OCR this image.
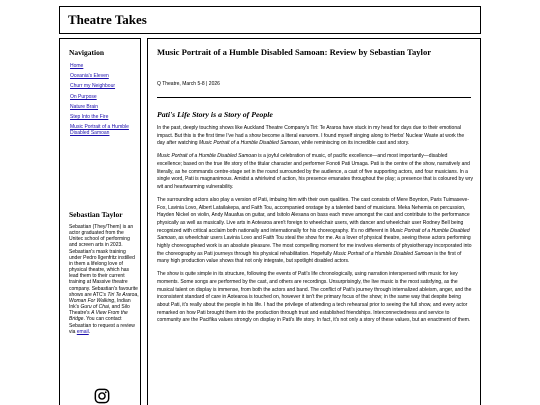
Theatre Takes
Navigation
Home
Oceania's Eleven
Churr my Neighbour
On Purpose
Nature Brain
Step Into the Fire
Music Portrait of a Humble Disabled Samoan
Sebastian Taylor
Sebastian (They/Them) is an actor graduated from the Unitec school of performing and screen arts in 2023. Sebastian's mask training under Pedro Ilgenfritz instilled in them a lifelong love of physical theatre, which has lead them to their current training at Massive theatre company. Sebastian's favourite shows are ATC's Tiri Te Araroa, Woman For Walking, Indian Ink's Guru of Chai, and Silo Theatre's A View From the Bridge. You can contact Sebastian to request a review via email.
Music Portrait of a Humble Disabled Samoan: Review by Sebastian Taylor
Q Theatre, March 5-8 | 2026
Pati's Life Story is a Story of People

In the past, deeply touching shows like Auckland Theatre Company's Tiri: Te Araroa have stuck in my head for days due to their emotional impact. But this is the first time I've had a show become a literal earworm. I found myself singing along to Herbs' Nuclear Waste at work the day after watching Music Portrait of a Humble Disabled Samoan, while reminiscing on its incredible cast and story.

Music Portrait of a Humble Disabled Samoan is a joyful celebration of music, of pacific excellence—and most importantly—disabled excellence; based on the true life story of the titular character and performer Fonoti Pati Umaga. Pati is the centre of the show, narratively and literally, as he commands centre-stage set in the round surrounded by the audience, a cast of five supporting actors, and four musicians. In a single word, Pati is magnanimous. Amidst a whirlwind of action, his presence emanates throughout the play; a presence that is coloured by wry wit and heartwarming vulnerability.

The surrounding actors also play a version of Pati, imbuing him with their own qualities. The cast consists of Mere Boynton, Paris Tuimaseve-Fox, Lavinia Lovo, Albert Latailakepa, and Faith Tou, accompanied onstage by a talented band of musicians. Meka Nehemia on percussion, Hayden Nickel on violin, Andy Mauafua on guitar, and Isitolo Alesana on bass each move amongst the cast and contribute to the performance physically as well as musically. Live arts in Aotearoa aren't foreign to wheelchair users, with dancer and wheelchair user Rodney Bell being recognized with critical acclaim both nationally and internationally for his choreography. It's no different in Music Portrait of a Humble Disabled Samoan, as wheelchair users Lavinia Lovo and Faith Tou steal the show for me. As a lover of physical theatre, seeing these actors performing highly choreographed work is an absolute pleasure. The most compelling moment for me involves elements of physiotherapy incorporated into the choreography as Pati journeys through his physical rehabilitation. Hopefully Music Portrait of a Humble Disabled Samoan is the first of many high production value shows that not only integrate, but spotlight disabled actors.

The show is quite simple in its structure, following the events of Pati's life chronologically, using narration interspersed with music for key moments. Some songs are performed by the cast, and others are recordings. Unsurprisingly, the live music is the most satisfying, as the musical talent on display is immense, from both the actors and band. The conflict of Pati's journey through internalized ableism, anger, and the inconsistent standard of care in Aotearoa is touched on, however it isn't the primary focus of the show; in the same way that despite being about Pati, it's really about the people in his life. I had the privilege of attending a tech rehearsal prior to seeing the full show, and every actor remarked on how Pati brought them into the production through trust and established friendships. Interconnectedness and service to community are the Pacifika values strongly on display in Pati's life story. In fact, it's not only a story of these values, but an enactment of them.
